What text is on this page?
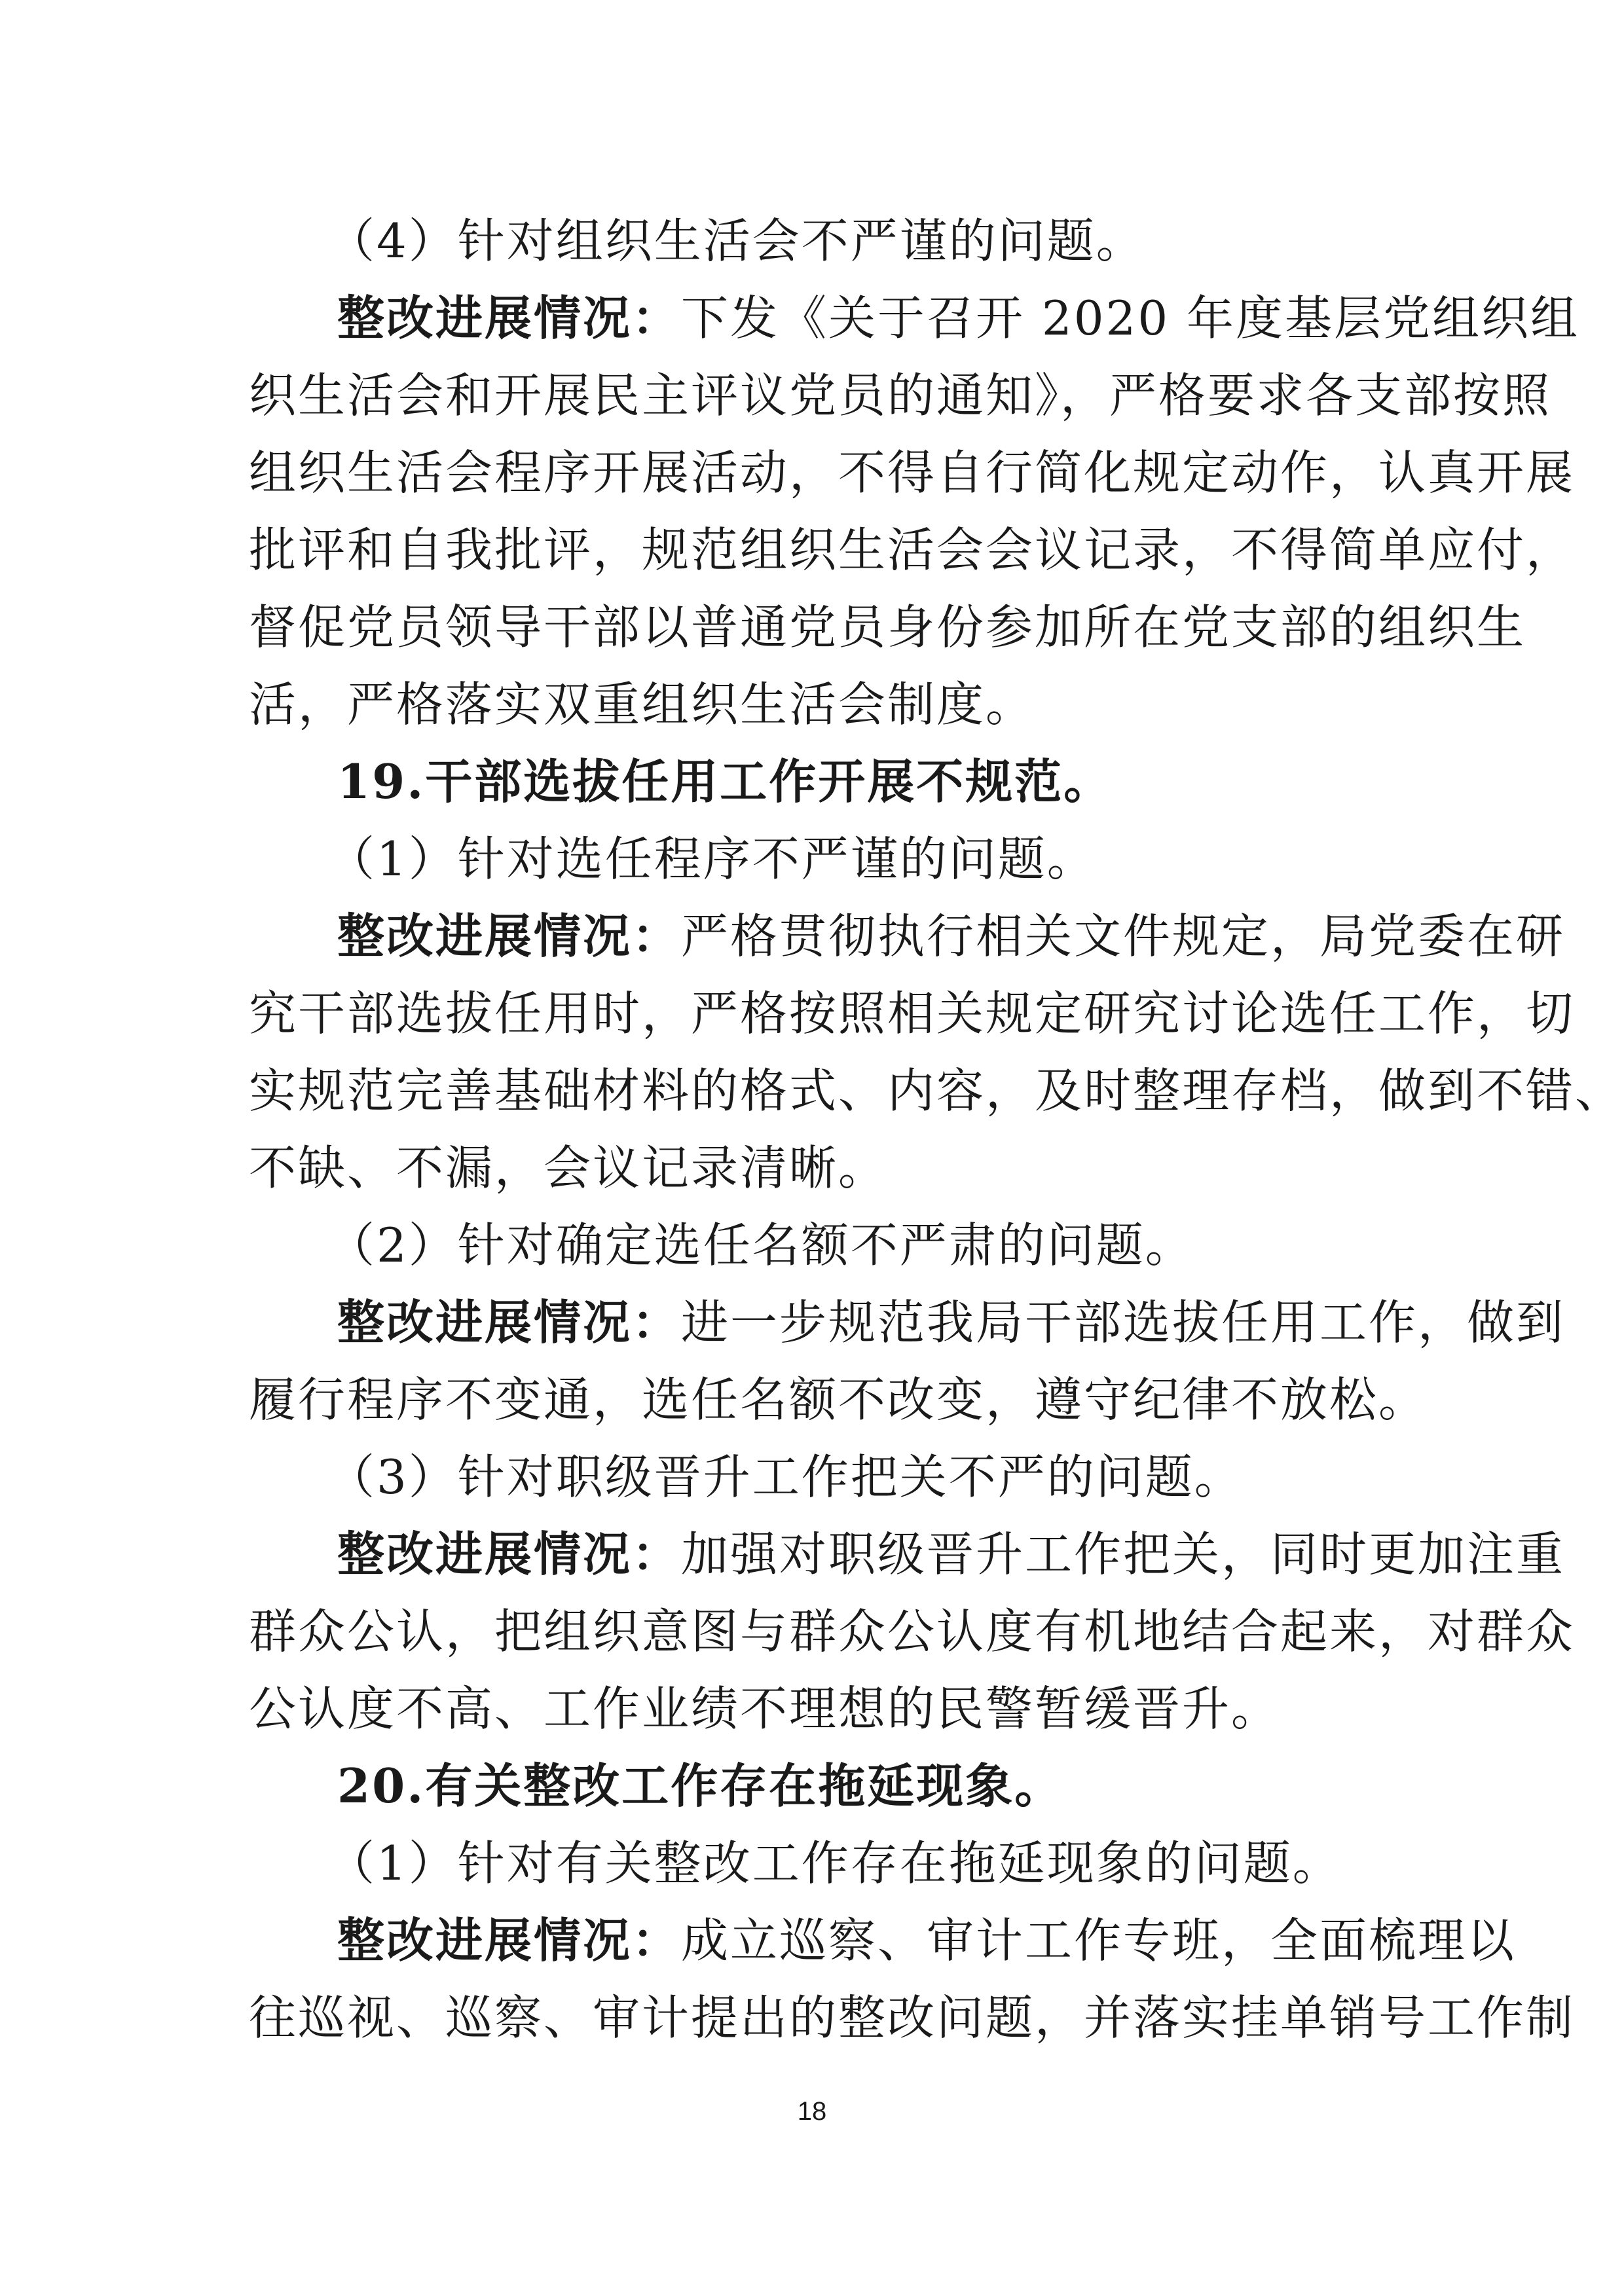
（4）针对组织生活会不严谨的问题。
整改进展情况：下发《关于召开 2020 年度基层党组织组
织生活会和开展民主评议党员的通知》，严格要求各支部按照
组织生活会程序开展活动，不得自行简化规定动作，认真开展
批评和自我批评，规范组织生活会会议记录，不得简单应付，
督促党员领导干部以普通党员身份参加所在党支部的组织生
活，严格落实双重组织生活会制度。
19.干部选拔任用工作开展不规范。
（1）针对选任程序不严谨的问题。
整改进展情况：严格贯彻执行相关文件规定，局党委在研
究干部选拔任用时，严格按照相关规定研究讨论选任工作，切
实规范完善基础材料的格式、内容，及时整理存档，做到不错、
不缺、不漏，会议记录清晰。
（2）针对确定选任名额不严肃的问题。
整改进展情况：进一步规范我局干部选拔任用工作，做到
履行程序不变通，选任名额不改变，遵守纪律不放松。
（3）针对职级晋升工作把关不严的问题。
整改进展情况：加强对职级晋升工作把关，同时更加注重
群众公认，把组织意图与群众公认度有机地结合起来，对群众
公认度不高、工作业绩不理想的民警暂缓晋升。
20.有关整改工作存在拖延现象。
（1）针对有关整改工作存在拖延现象的问题。
整改进展情况：成立巡察、审计工作专班，全面梳理以
往巡视、巡察、审计提出的整改问题，并落实挂单销号工作制
18
